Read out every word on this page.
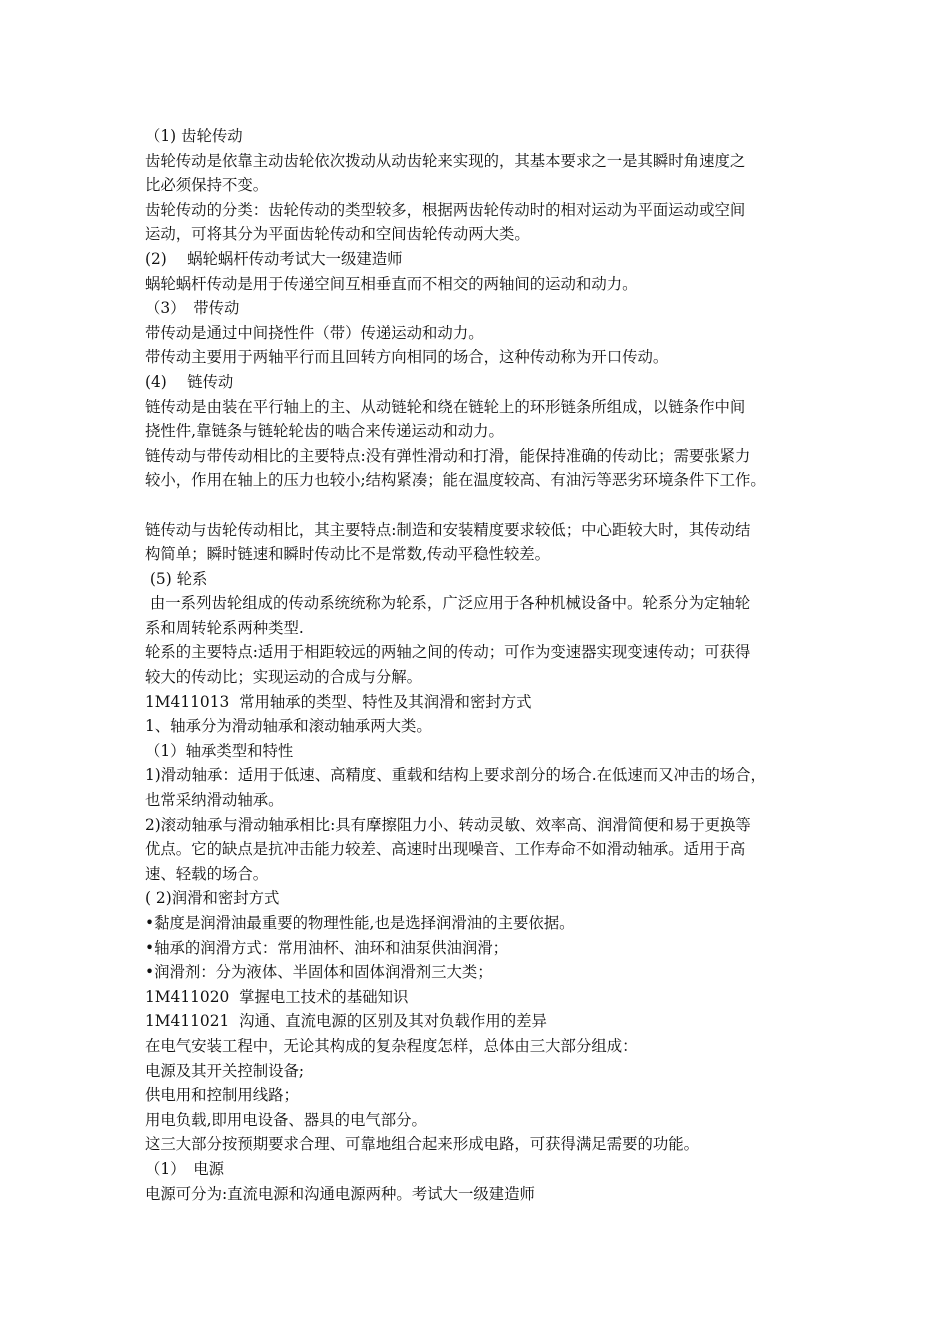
（1) 齿轮传动
齿轮传动是依靠主动齿轮依次拨动从动齿轮来实现的，其基本要求之一是其瞬时角速度之
比必须保持不变。
齿轮传动的分类：齿轮传动的类型较多，根据两齿轮传动时的相对运动为平面运动或空间
运动，可将其分为平面齿轮传动和空间齿轮传动两大类。
(2)　 蜗轮蜗杆传动考试大一级建造师
蜗轮蜗杆传动是用于传递空间互相垂直而不相交的两轴间的运动和动力。
（3）　带传动
带传动是通过中间挠性件（带）传递运动和动力。
带传动主要用于两轴平行而且回转方向相同的场合，这种传动称为开口传动。
(4)　 链传动
链传动是由装在平行轴上的主、从动链轮和绕在链轮上的环形链条所组成，以链条作中间
挠性件,靠链条与链轮轮齿的啮合来传递运动和动力。
链传动与带传动相比的主要特点:没有弹性滑动和打滑，能保持准确的传动比；需要张紧力
较小，作用在轴上的压力也较小;结构紧凑；能在温度较高、有油污等恶劣环境条件下工作。
链传动与齿轮传动相比，其主要特点:制造和安装精度要求较低；中心距较大时，其传动结
构简单；瞬时链速和瞬时传动比不是常数,传动平稳性较差。
(5) 轮系
由一系列齿轮组成的传动系统统称为轮系，广泛应用于各种机械设备中。轮系分为定轴轮
系和周转轮系两种类型.
轮系的主要特点:适用于相距较远的两轴之间的传动；可作为变速器实现变速传动；可获得
较大的传动比；实现运动的合成与分解。
1M411013  常用轴承的类型、特性及其润滑和密封方式
1、轴承分为滑动轴承和滚动轴承两大类。
（1）轴承类型和特性
1)滑动轴承：适用于低速、高精度、重载和结构上要求剖分的场合.在低速而又冲击的场合，
也常采纳滑动轴承。
2)滚动轴承与滑动轴承相比:具有摩擦阻力小、转动灵敏、效率高、润滑简便和易于更换等
优点。它的缺点是抗冲击能力较差、高速时出现噪音、工作寿命不如滑动轴承。适用于高
速、轻载的场合。
( 2)润滑和密封方式
•黏度是润滑油最重要的物理性能,也是选择润滑油的主要依据。
•轴承的润滑方式：常用油杯、油环和油泵供油润滑；
•润滑剂：分为液体、半固体和固体润滑剂三大类；
1M411020  掌握电工技术的基础知识
1M411021  沟通、直流电源的区别及其对负载作用的差异
在电气安装工程中，无论其构成的复杂程度怎样，总体由三大部分组成：
电源及其开关控制设备;
供电用和控制用线路；
用电负载,即用电设备、器具的电气部分。
这三大部分按预期要求合理、可靠地组合起来形成电路，可获得满足需要的功能。
（1）　电源
电源可分为:直流电源和沟通电源两种。考试大一级建造师
